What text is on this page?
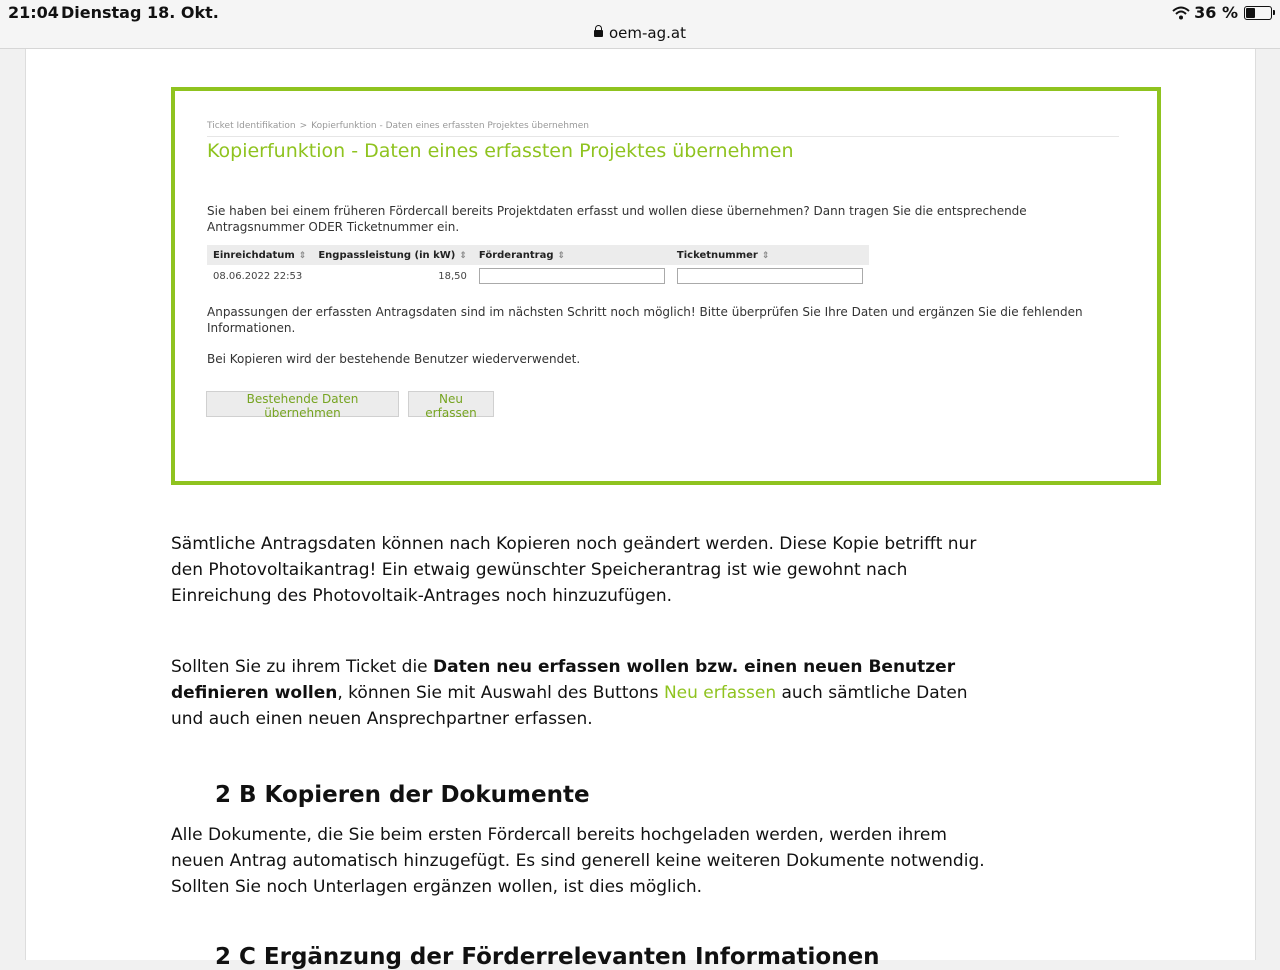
21:04 Dienstag 18. Okt.
oem-ag.at
36 %
Ticket Identifikation > Kopierfunktion - Daten eines erfassten Projektes übernehmen
Kopierfunktion - Daten eines erfassten Projektes übernehmen
Sie haben bei einem früheren Fördercall bereits Projektdaten erfasst und wollen diese übernehmen? Dann tragen Sie die entsprechende Antragsnummer ODER Ticketnummer ein.
Einreichdatum ⇕	Engpassleistung (in kW) ⇕	Förderantrag ⇕	Ticketnummer ⇕
08.06.2022 22:53	18,50		
Anpassungen der erfassten Antragsdaten sind im nächsten Schritt noch möglich! Bitte überprüfen Sie Ihre Daten und ergänzen Sie die fehlenden Informationen.
Bei Kopieren wird der bestehende Benutzer wiederverwendet.
Bestehende Daten übernehmen
Neu erfassen
Sämtliche Antragsdaten können nach Kopieren noch geändert werden. Diese Kopie betrifft nur den Photovoltaikantrag! Ein etwaig gewünschter Speicherantrag ist wie gewohnt nach Einreichung des Photovoltaik-Antrages noch hinzuzufügen.
Sollten Sie zu ihrem Ticket die Daten neu erfassen wollen bzw. einen neuen Benutzer definieren wollen, können Sie mit Auswahl des Buttons Neu erfassen auch sämtliche Daten und auch einen neuen Ansprechpartner erfassen.
2 B Kopieren der Dokumente
Alle Dokumente, die Sie beim ersten Fördercall bereits hochgeladen werden, werden ihrem neuen Antrag automatisch hinzugefügt. Es sind generell keine weiteren Dokumente notwendig. Sollten Sie noch Unterlagen ergänzen wollen, ist dies möglich.
2 C Ergänzung der Förderrelevanten Informationen
